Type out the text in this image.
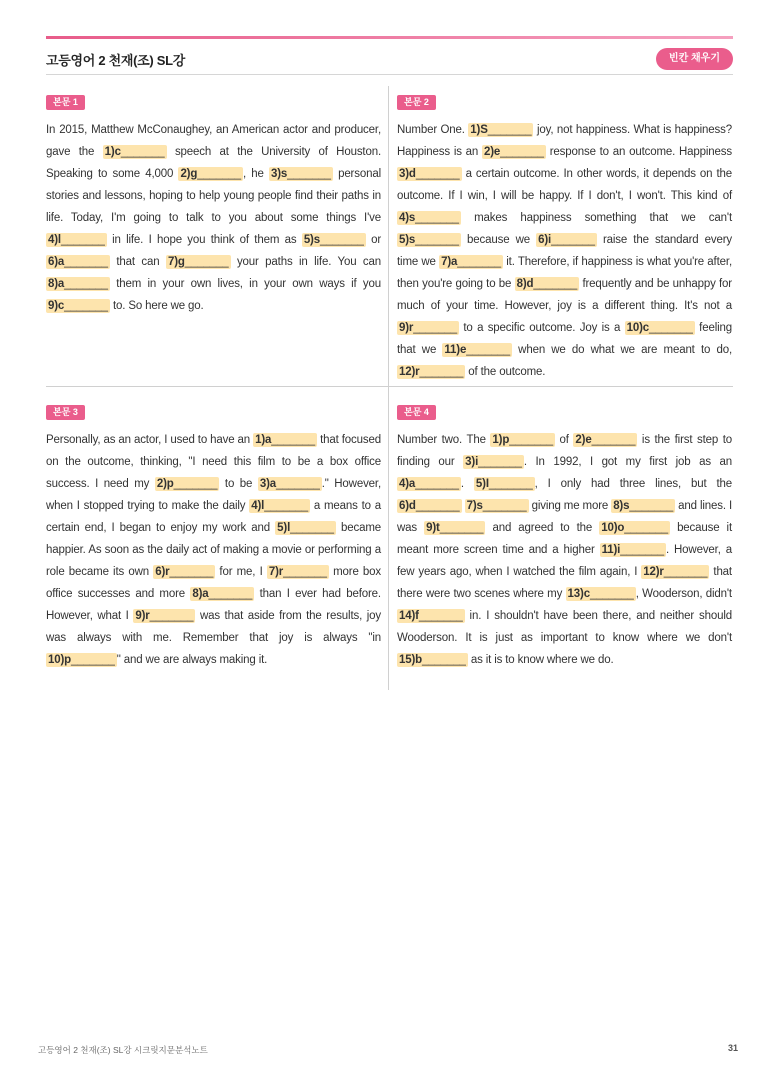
고등영어 2 천재(조) SL강	빈칸 채우기
본문 1
In 2015, Matthew McConaughey, an American actor and producer, gave the 1)c_______ speech at the University of Houston. Speaking to some 4,000 2)g_______ , he 3)s_______ personal stories and lessons, hoping to help young people find their paths in life. Today, I'm going to talk to you about some things I've 4)l_______ in life. I hope you think of them as 5)s_______ or 6)a_______ that can 7)g_______ your paths in life. You can 8)a_______ them in your own lives, in your own ways if you 9)c_______ to. So here we go.
본문 2
Number One. 1)S_______ joy, not happiness. What is happiness? Happiness is an 2)e_______ response to an outcome. Happiness 3)d_______ a certain outcome. In other words, it depends on the outcome. If I win, I will be happy. If I don't, I won't. This kind of 4)s_______ makes happiness something that we can't 5)s_______ because we 6)i_______ raise the standard every time we 7)a_______ it. Therefore, if happiness is what you're after, then you're going to be 8)d_______ frequently and be unhappy for much of your time. However, joy is a different thing. It's not a 9)r_______ to a specific outcome. Joy is a 10)c_______ feeling that we 11)e_______ when we do what we are meant to do, 12)r_______ of the outcome.
본문 3
Personally, as an actor, I used to have an 1)a_______ that focused on the outcome, thinking, "I need this film to be a box office success. I need my 2)p_______ to be 3)a_______ ." However, when I stopped trying to make the daily 4)l_______ a means to a certain end, I began to enjoy my work and 5)l_______ became happier. As soon as the daily act of making a movie or performing a role became its own 6)r_______ for me, I 7)r_______ more box office successes and more 8)a_______ than I ever had before. However, what I 9)r_______ was that aside from the results, joy was always with me. Remember that joy is always "in 10)p_______ " and we are always making it.
본문 4
Number two. The 1)p_______ of 2)e_______ is the first step to finding our 3)i_______ . In 1992, I got my first job as an 4)a_______ . 5)I_______ , I only had three lines, but the 6)d_______ 7)s_______ giving me more 8)s_______ and lines. I was 9)t_______ and agreed to the 10)o_______ because it meant more screen time and a higher 11)i_______ . However, a few years ago, when I watched the film again, I 12)r_______ that there were two scenes where my 13)c_______ , Wooderson, didn't 14)f_______ in. I shouldn't have been there, and neither should Wooderson. It is just as important to know where we don't 15)b_______ as it is to know where we do.
고등영어 2 천재(조) SL강 시크릿지문분석노트	31
